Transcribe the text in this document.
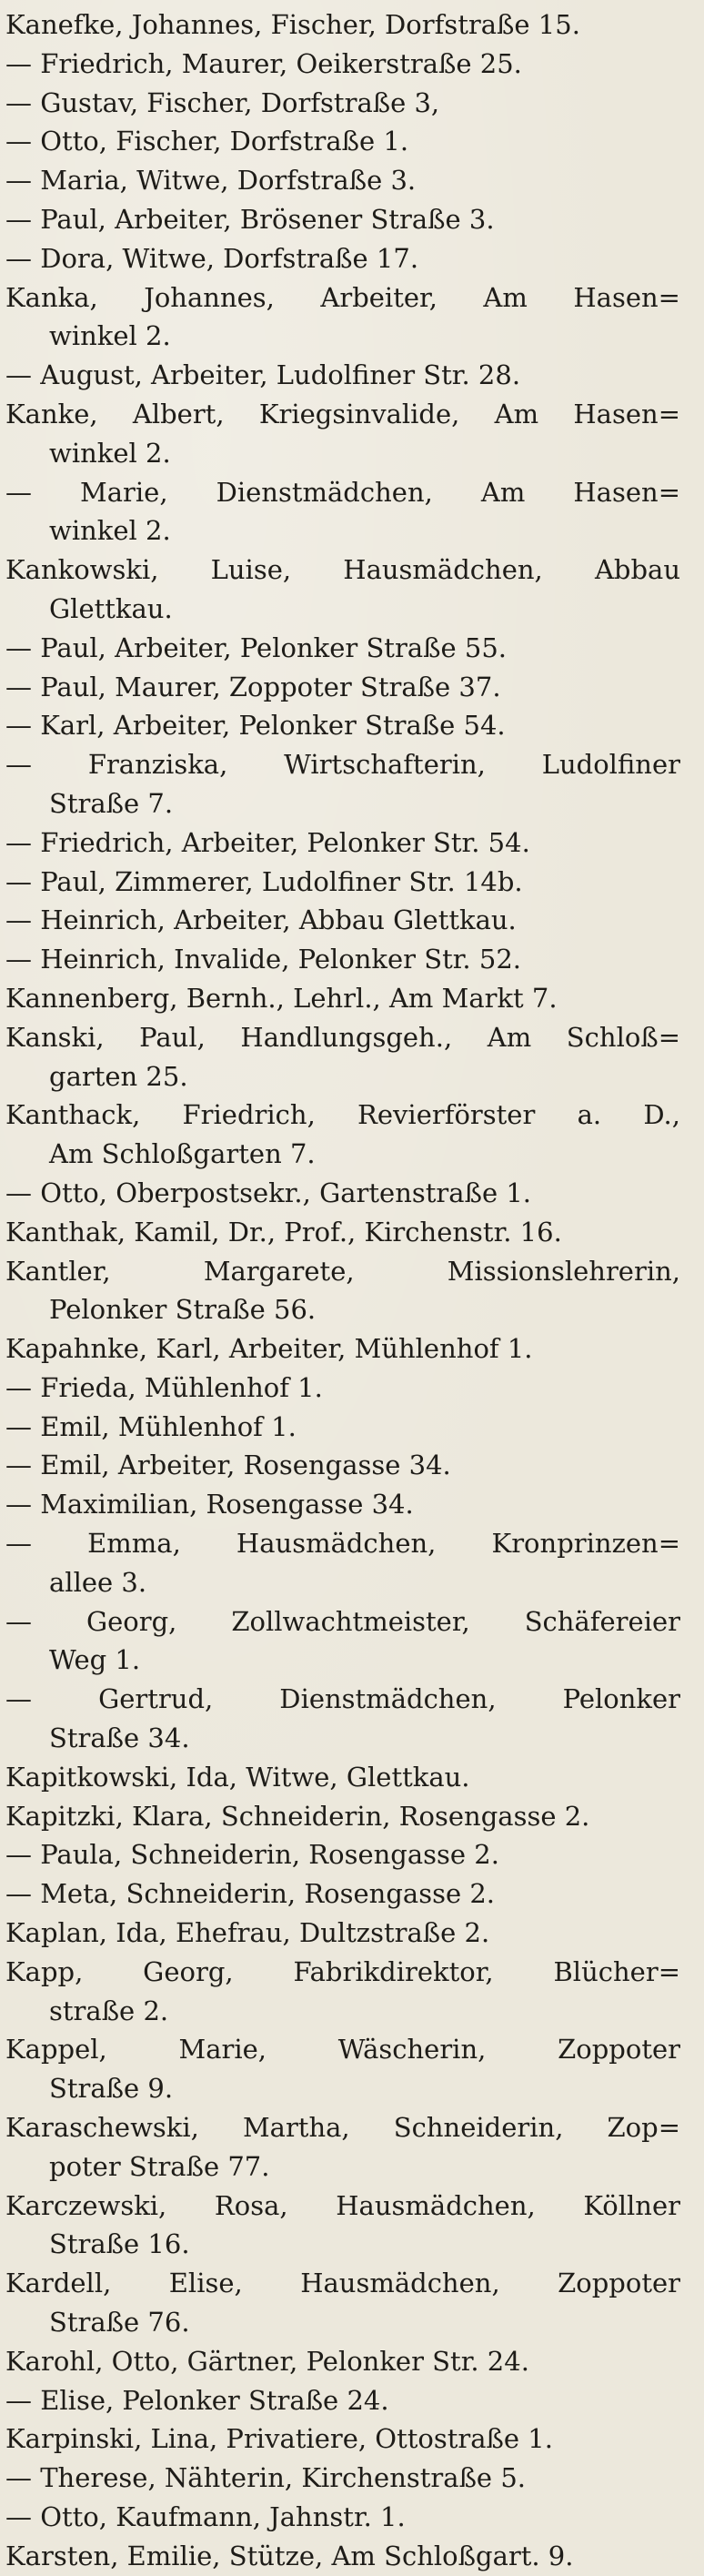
Kanefke, Johannes, Fischer, Dorfstraße 15.
— Friedrich, Maurer, Oeikerstraße 25.
— Gustav, Fischer, Dorfstraße 3,
— Otto, Fischer, Dorfstraße 1.
— Maria, Witwe, Dorfstraße 3.
— Paul, Arbeiter, Brösener Straße 3.
— Dora, Witwe, Dorfstraße 17.
Kanka, Johannes, Arbeiter, Am Hasen=
winkel 2.
— August, Arbeiter, Ludolfiner Str. 28.
Kanke, Albert, Kriegsinvalide, Am Hasen=
winkel 2.
— Marie, Dienstmädchen, Am Hasen=
winkel 2.
Kankowski, Luise, Hausmädchen, Abbau
Glettkau.
— Paul, Arbeiter, Pelonker Straße 55.
— Paul, Maurer, Zoppoter Straße 37.
— Karl, Arbeiter, Pelonker Straße 54.
— Franziska, Wirtschafterin, Ludolfiner
Straße 7.
— Friedrich, Arbeiter, Pelonker Str. 54.
— Paul, Zimmerer, Ludolfiner Str. 14b.
— Heinrich, Arbeiter, Abbau Glettkau.
— Heinrich, Invalide, Pelonker Str. 52.
Kannenberg, Bernh., Lehrl., Am Markt 7.
Kanski, Paul, Handlungsgeh., Am Schloß=
garten 25.
Kanthack, Friedrich, Revierförster a. D.,
Am Schloßgarten 7.
— Otto, Oberpostsekr., Gartenstraße 1.
Kanthak, Kamil, Dr., Prof., Kirchenstr. 16.
Kantler, Margarete, Missionslehrerin,
Pelonker Straße 56.
Kapahnke, Karl, Arbeiter, Mühlenhof 1.
— Frieda, Mühlenhof 1.
— Emil, Mühlenhof 1.
— Emil, Arbeiter, Rosengasse 34.
— Maximilian, Rosengasse 34.
— Emma, Hausmädchen, Kronprinzen=
allee 3.
— Georg, Zollwachtmeister, Schäfereier
Weg 1.
— Gertrud, Dienstmädchen, Pelonker
Straße 34.
Kapitkowski, Ida, Witwe, Glettkau.
Kapitzki, Klara, Schneiderin, Rosengasse 2.
— Paula, Schneiderin, Rosengasse 2.
— Meta, Schneiderin, Rosengasse 2.
Kaplan, Ida, Ehefrau, Dultzstraße 2.
Kapp, Georg, Fabrikdirektor, Blücher=
straße 2.
Kappel, Marie, Wäscherin, Zoppoter
Straße 9.
Karaschewski, Martha, Schneiderin, Zop=
poter Straße 77.
Karczewski, Rosa, Hausmädchen, Köllner
Straße 16.
Kardell, Elise, Hausmädchen, Zoppoter
Straße 76.
Karohl, Otto, Gärtner, Pelonker Str. 24.
— Elise, Pelonker Straße 24.
Karpinski, Lina, Privatiere, Ottostraße 1.
— Therese, Nähterin, Kirchenstraße 5.
— Otto, Kaufmann, Jahnstr. 1.
Karsten, Emilie, Stütze, Am Schloßgart. 9.
